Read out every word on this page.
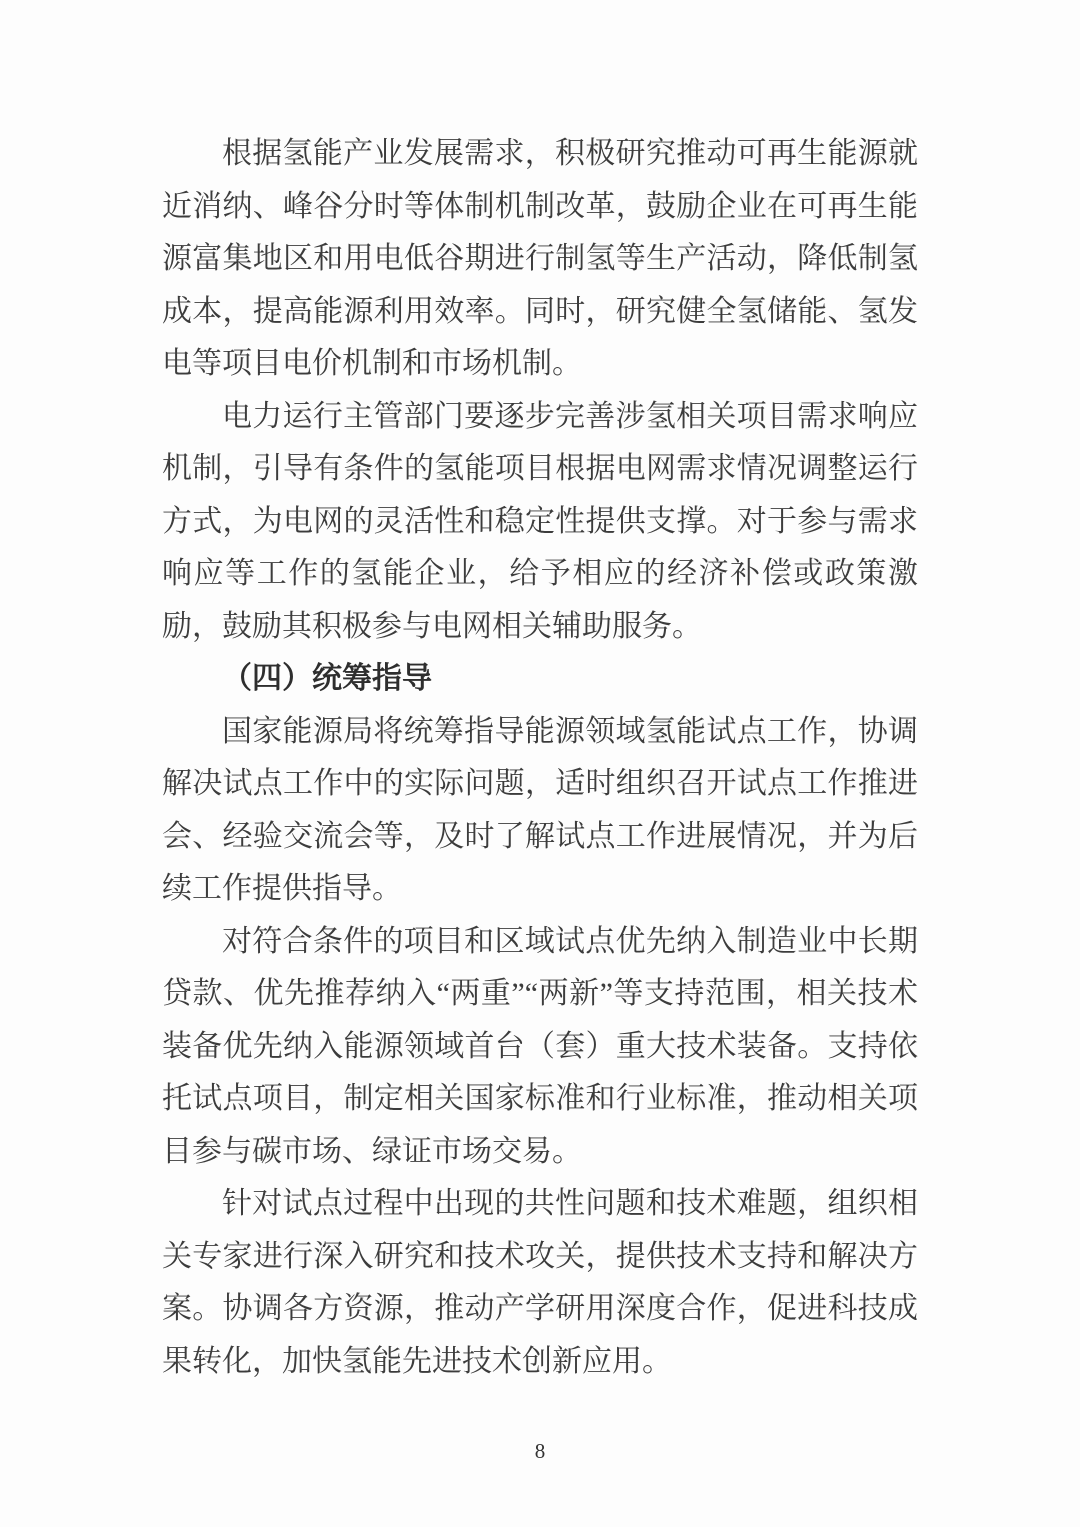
根据氢能产业发展需求，积极研究推动可再生能源就近消纳、峰谷分时等体制机制改革，鼓励企业在可再生能源富集地区和用电低谷期进行制氢等生产活动，降低制氢成本，提高能源利用效率。同时，研究健全氢储能、氢发电等项目电价机制和市场机制。

电力运行主管部门要逐步完善涉氢相关项目需求响应机制，引导有条件的氢能项目根据电网需求情况调整运行方式，为电网的灵活性和稳定性提供支撑。对于参与需求响应等工作的氢能企业，给予相应的经济补偿或政策激励，鼓励其积极参与电网相关辅助服务。

（四）统筹指导

国家能源局将统筹指导能源领域氢能试点工作，协调解决试点工作中的实际问题，适时组织召开试点工作推进会、经验交流会等，及时了解试点工作进展情况，并为后续工作提供指导。

对符合条件的项目和区域试点优先纳入制造业中长期贷款、优先推荐纳入“两重”“两新”等支持范围，相关技术装备优先纳入能源领域首台（套）重大技术装备。支持依托试点项目，制定相关国家标准和行业标准，推动相关项目参与碳市场、绿证市场交易。

针对试点过程中出现的共性问题和技术难题，组织相关专家进行深入研究和技术攻关，提供技术支持和解决方案。协调各方资源，推动产学研用深度合作，促进科技成果转化，加快氢能先进技术创新应用。

8
